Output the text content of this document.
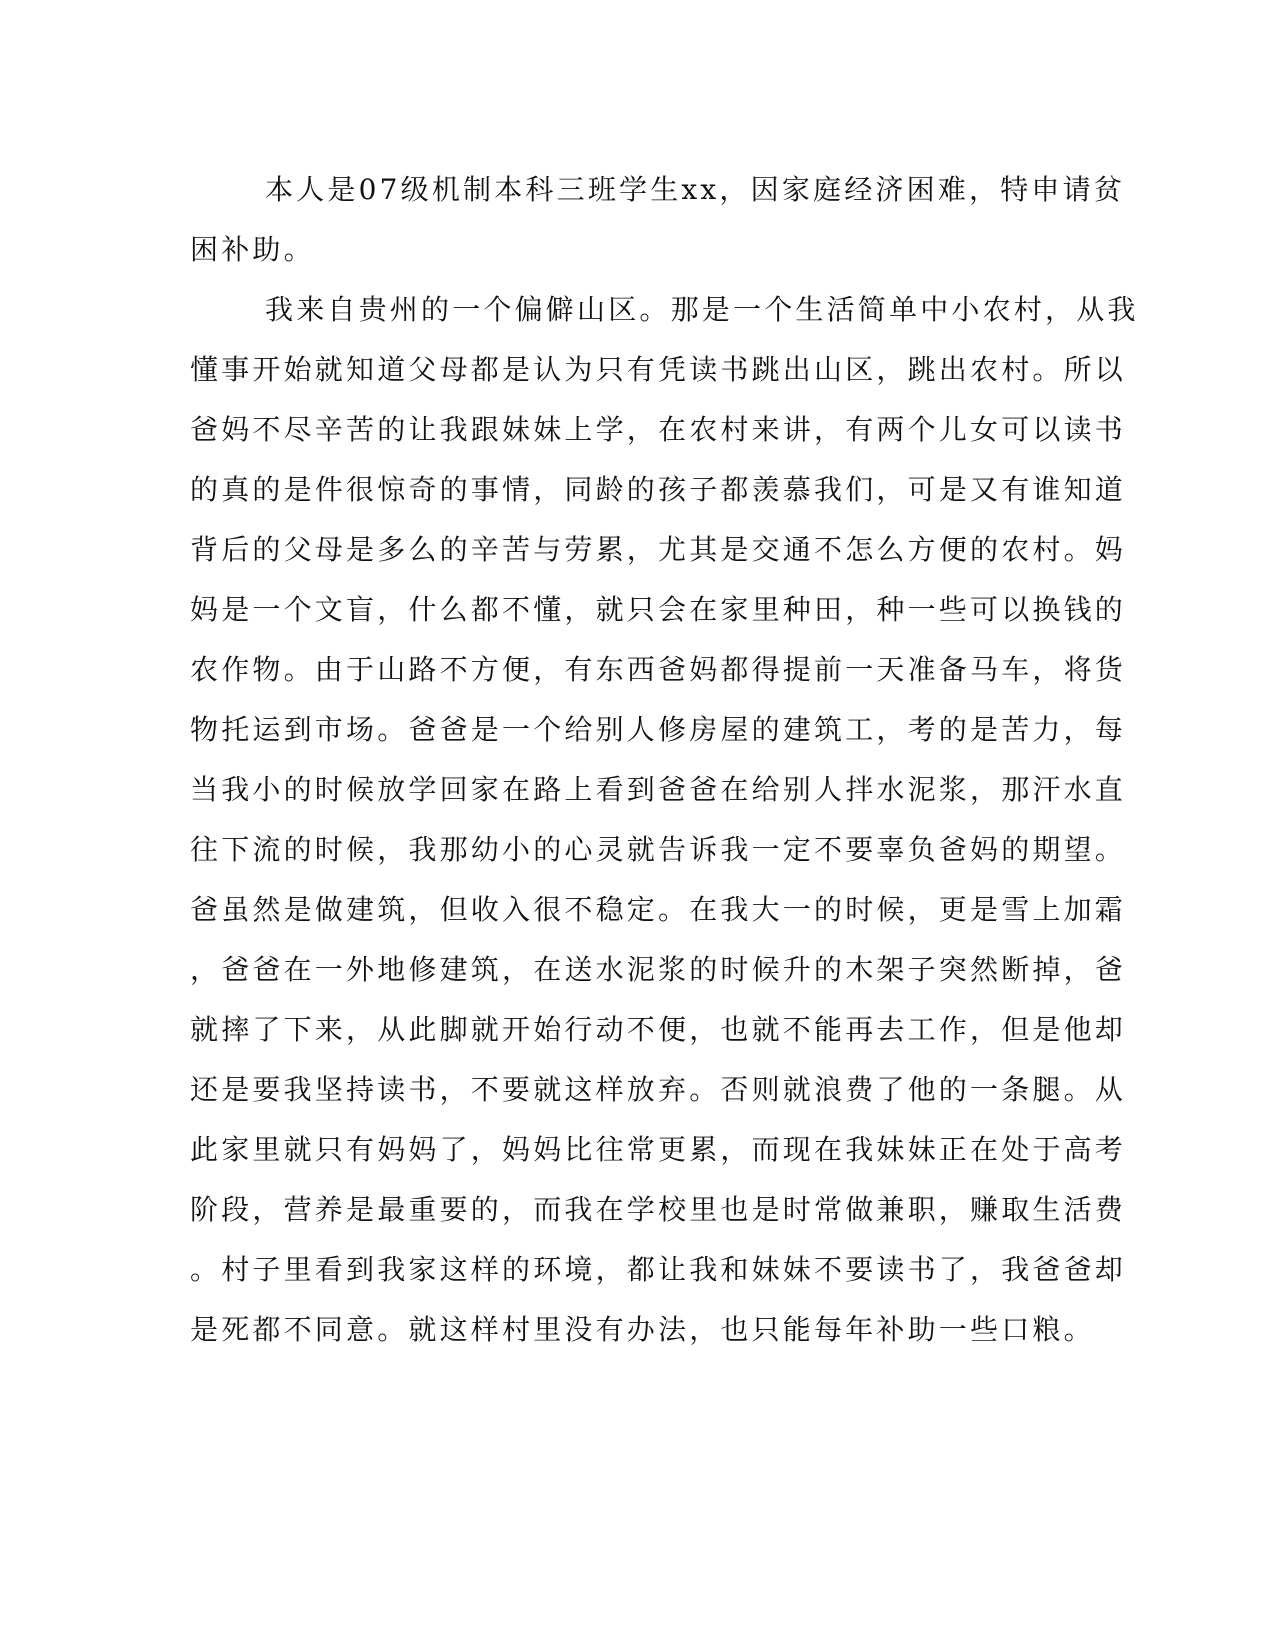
本人是07级机制本科三班学生xx，因家庭经济困难，特申请贫
困补助。
我来自贵州的一个偏僻山区。那是一个生活简单中小农村，从我
懂事开始就知道父母都是认为只有凭读书跳出山区，跳出农村。所以
爸妈不尽辛苦的让我跟妹妹上学，在农村来讲，有两个儿女可以读书
的真的是件很惊奇的事情，同龄的孩子都羡慕我们，可是又有谁知道
背后的父母是多么的辛苦与劳累，尤其是交通不怎么方便的农村。妈
妈是一个文盲，什么都不懂，就只会在家里种田，种一些可以换钱的
农作物。由于山路不方便，有东西爸妈都得提前一天准备马车，将货
物托运到市场。爸爸是一个给别人修房屋的建筑工，考的是苦力，每
当我小的时候放学回家在路上看到爸爸在给别人拌水泥浆，那汗水直
往下流的时候，我那幼小的心灵就告诉我一定不要辜负爸妈的期望。
爸虽然是做建筑，但收入很不稳定。在我大一的时候，更是雪上加霜
，爸爸在一外地修建筑，在送水泥浆的时候升的木架子突然断掉，爸
就摔了下来，从此脚就开始行动不便，也就不能再去工作，但是他却
还是要我坚持读书，不要就这样放弃。否则就浪费了他的一条腿。从
此家里就只有妈妈了，妈妈比往常更累，而现在我妹妹正在处于高考
阶段，营养是最重要的，而我在学校里也是时常做兼职，赚取生活费
。村子里看到我家这样的环境，都让我和妹妹不要读书了，我爸爸却
是死都不同意。就这样村里没有办法，也只能每年补助一些口粮。
